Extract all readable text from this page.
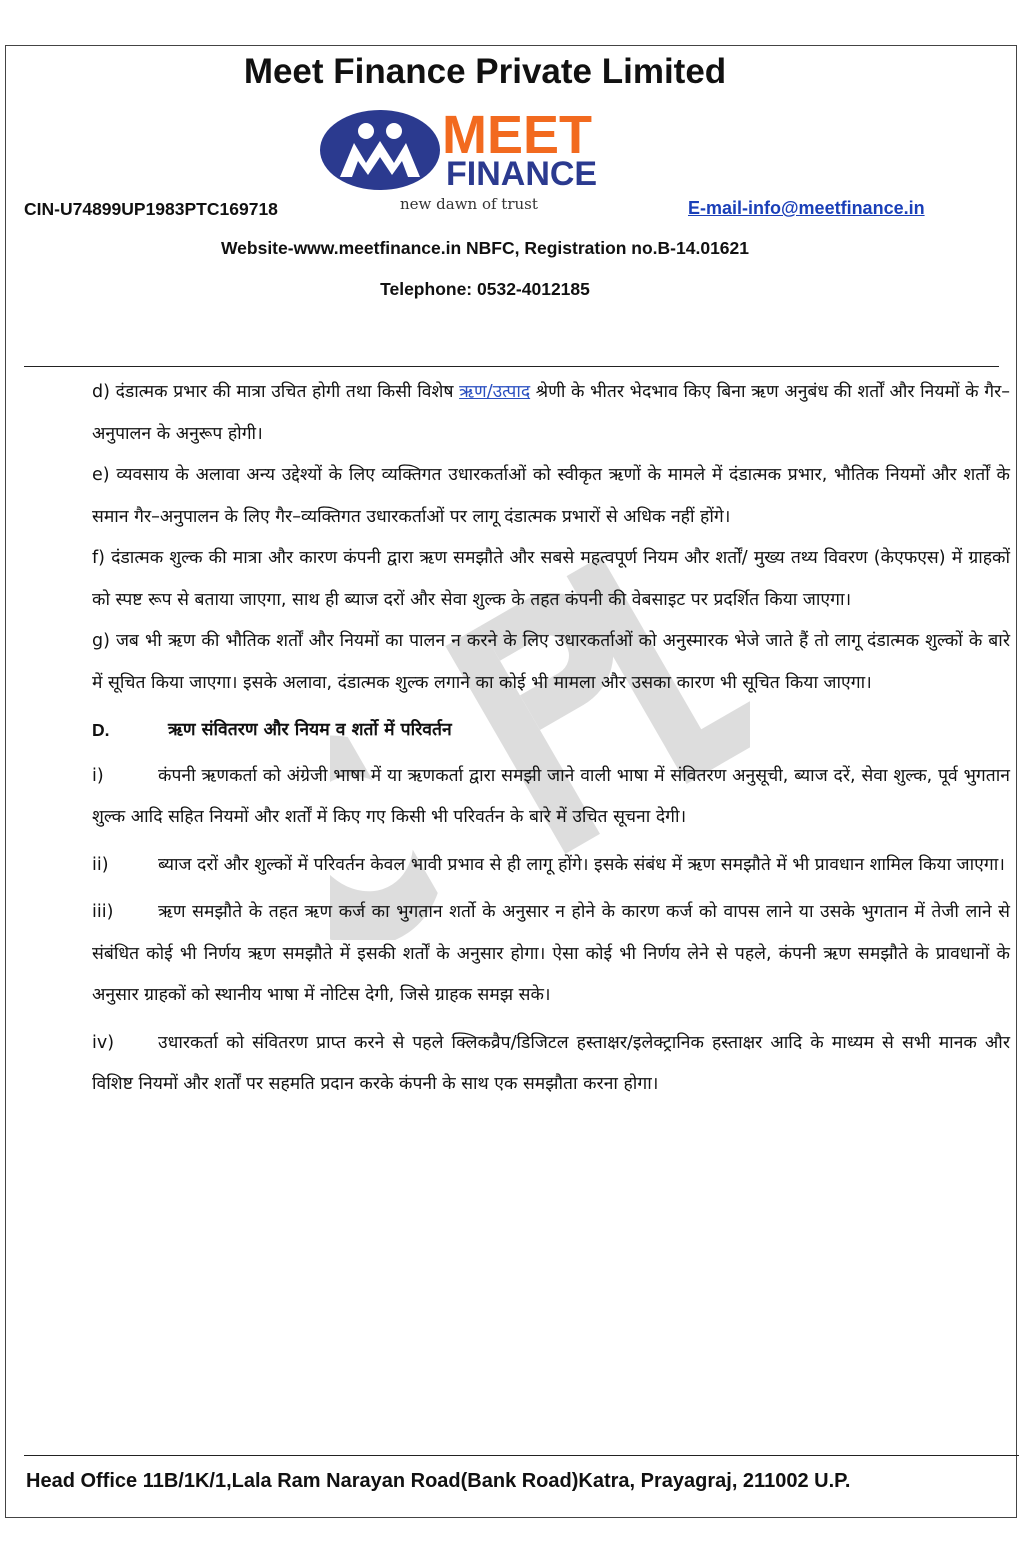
Meet Finance Private Limited
MEET
FINANCE
new dawn of trust
CIN-U74899UP1983PTC169718	E-mail-info@meetfinance.in
Website-www.meetfinance.in NBFC, Registration no.B-14.01621
Telephone: 0532-4012185

d) दंडात्मक प्रभार की मात्रा उचित होगी तथा किसी विशेष ऋण/उत्पाद श्रेणी के भीतर भेदभाव किए बिना ऋण अनुबंध की शर्तों और नियमों के गैर–अनुपालन के अनुरूप होगी।

e) व्यवसाय के अलावा अन्य उद्देश्यों के लिए व्यक्तिगत उधारकर्ताओं को स्वीकृत ऋणों के मामले में दंडात्मक प्रभार, भौतिक नियमों और शर्तों के समान गैर–अनुपालन के लिए गैर–व्यक्तिगत उधारकर्ताओं पर लागू दंडात्मक प्रभारों से अधिक नहीं होंगे।

f) दंडात्मक शुल्क की मात्रा और कारण कंपनी द्वारा ऋण समझौते और सबसे महत्वपूर्ण नियम और शर्तों/ मुख्य तथ्य विवरण (केएफएस) में ग्राहकों को स्पष्ट रूप से बताया जाएगा, साथ ही ब्याज दरों और सेवा शुल्क के तहत कंपनी की वेबसाइट पर प्रदर्शित किया जाएगा।

g) जब भी ऋण की भौतिक शर्तों और नियमों का पालन न करने के लिए उधारकर्ताओं को अनुस्मारक भेजे जाते हैं तो लागू दंडात्मक शुल्कों के बारे में सूचित किया जाएगा। इसके अलावा, दंडात्मक शुल्क लगाने का कोई भी मामला और उसका कारण भी सूचित किया जाएगा।

D.	ऋण संवितरण और नियम व शर्तो में परिवर्तन

i)	कंपनी ऋणकर्ता को अंग्रेजी भाषा में या ऋणकर्ता द्वारा समझी जाने वाली भाषा में संवितरण अनुसूची, ब्याज दरें, सेवा शुल्क, पूर्व भुगतान शुल्क आदि सहित नियमों और शर्तों में किए गए किसी भी परिवर्तन के बारे में उचित सूचना देगी।

ii)	ब्याज दरों और शुल्कों में परिवर्तन केवल भावी प्रभाव से ही लागू होंगे। इसके संबंध में ऋण समझौते में भी प्रावधान शामिल किया जाएगा।

iii)	ऋण समझौते के तहत ऋण कर्ज का भुगतान शर्तो के अनुसार न होने के कारण कर्ज को वापस लाने या उसके भुगतान में तेजी लाने से संबंधित कोई भी निर्णय ऋण समझौते में इसकी शर्तों के अनुसार होगा। ऐसा कोई भी निर्णय लेने से पहले, कंपनी ऋण समझौते के प्रावधानों के अनुसार ग्राहकों को स्थानीय भाषा में नोटिस देगी, जिसे ग्राहक समझ सके।

iv)	उधारकर्ता को संवितरण प्राप्त करने से पहले क्लिकव्रैप/डिजिटल हस्ताक्षर/इलेक्ट्रानिक हस्ताक्षर आदि के माध्यम से सभी मानक और विशिष्ट नियमों और शर्तों पर सहमति प्रदान करके कंपनी के साथ एक समझौता करना होगा।

Head Office 11B/1K/1,Lala Ram Narayan Road(Bank Road)Katra, Prayagraj, 211002 U.P.
